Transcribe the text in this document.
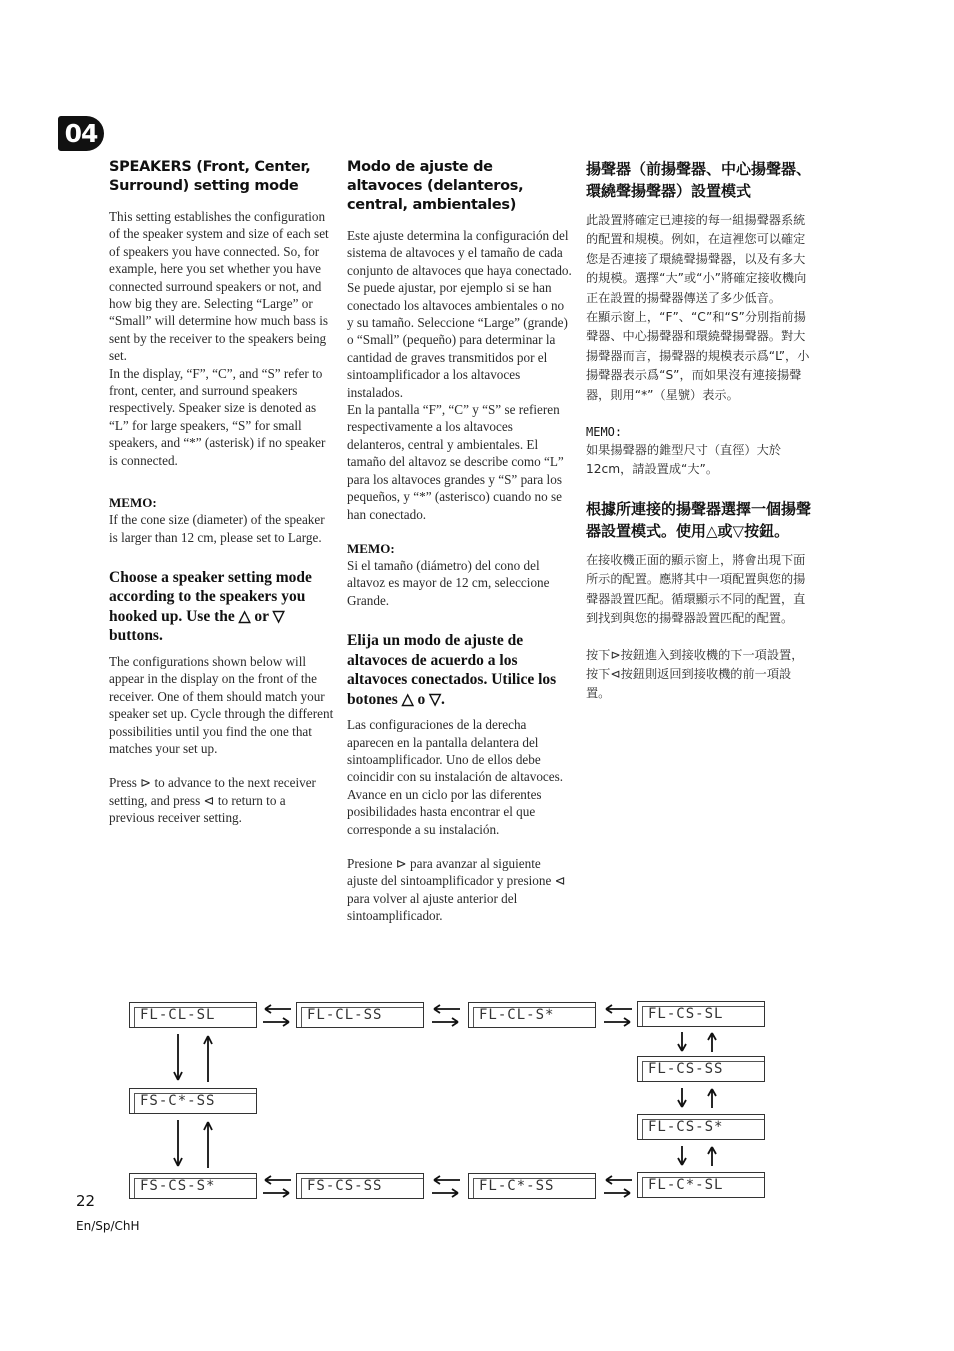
04
SPEAKERS (Front, Center, Surround) setting mode

This setting establishes the configuration of the speaker system and size of each set of speakers you have connected. So, for example, here you set whether you have connected surround speakers or not, and how big they are. Selecting “Large” or “Small” will determine how much bass is sent by the receiver to the speakers being set.

In the display, “F”, “C”, and “S” refer to front, center, and surround speakers respectively. Speaker size is denoted as “L” for large speakers, “S” for small speakers, and “*” (asterisk) if no speaker is connected.

MEMO:

If the cone size (diameter) of the speaker is larger than 12 cm, please set to Large.

Choose a speaker setting mode according to the speakers you hooked up. Use the △ or ▽ buttons.

The configurations shown below will appear in the display on the front of the receiver. One of them should match your speaker set up. Cycle through the different possibilities until you find the one that matches your set up.

Press ⊳ to advance to the next receiver setting, and press ⊲ to return to a previous receiver setting.

Modo de ajuste de altavoces (delanteros, central, ambientales)

Este ajuste determina la configuración del sistema de altavoces y el tamaño de cada conjunto de altavoces que haya conectado. Se puede ajustar, por ejemplo si se han conectado los altavoces ambientales o no y su tamaño. Seleccione “Large” (grande) o “Small” (pequeño) para determinar la cantidad de graves transmitidos por el sintoamplificador a los altavoces instalados.

En la pantalla “F”, “C” y “S” se refieren respectivamente a los altavoces delanteros, central y ambientales. El tamaño del altavoz se describe como “L” para los altavoces grandes y “S” para los pequeños, y “*” (asterisco) cuando no se han conectado.

MEMO:

Si el tamaño (diámetro) del cono del altavoz es mayor de 12 cm, seleccione Grande.

Elija un modo de ajuste de altavoces de acuerdo a los altavoces conectados. Utilice los botones △ o ▽.

Las configuraciones de la derecha aparecen en la pantalla delantera del sintoamplificador. Uno de ellos debe coincidir con su instalación de altavoces. Avance en un ciclo por las diferentes posibilidades hasta encontrar el que corresponde a su instalación.

Presione ⊳ para avanzar al siguiente ajuste del sintoamplificador y presione ⊲ para volver al ajuste anterior del sintoamplificador.

揚聲器（前揚聲器、中心揚聲器、環繞聲揚聲器）設置模式

此設置將確定已連接的每一組揚聲器系統的配置和規模。例如，在這裡您可以確定您是否連接了環繞聲揚聲器，以及有多大的規模。選擇“大”或“小”將確定接收機向正在設置的揚聲器傳送了多少低音。

在顯示窗上，“F”、“C”和“S”分別指前揚聲器、中心揚聲器和環繞聲揚聲器。對大揚聲器而言，揚聲器的規模表示爲“L”，小揚聲器表示爲“S”，而如果沒有連接揚聲器，則用“*”（星號）表示。

MEMO:

如果揚聲器的錐型尺寸（直徑）大於12cm，請設置成“大”。

根據所連接的揚聲器選擇一個揚聲器設置模式。使用△或▽按鈕。

在接收機正面的顯示窗上，將會出現下面所示的配置。應將其中一項配置與您的揚聲器設置匹配。循環顯示不同的配置，直到找到與您的揚聲器設置匹配的配置。

按下⊳按鈕進入到接收機的下一項設置，按下⊲按鈕則返回到接收機的前一項設置。

FL-CL-SL	FL-CL-SS	FL-CL-S*	FL-CS-SL
FL-CS-SS
FL-CS-S*
FL-C*-SL
FL-C*-SS
FS-CS-SS
FS-CS-S*
FS-C*-SS
22
En/Sp/ChH
